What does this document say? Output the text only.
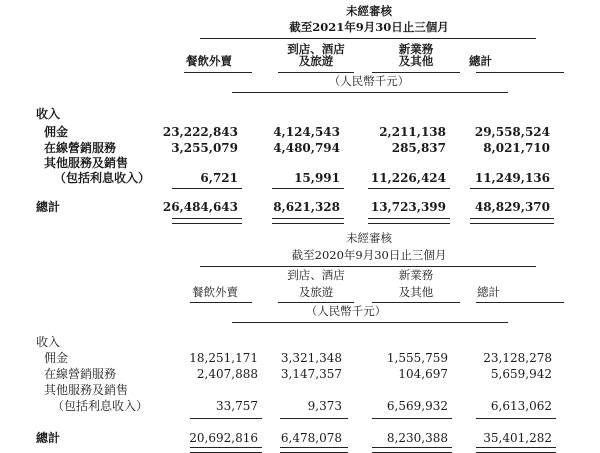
未經審核
截至2021年9月30日止三個月
到店、酒店	新業務
餐飲外賣	及旅遊	及其他	總計
（人民幣千元）
收入
佣金	23,222,843	4,124,543	2,211,138 29,558,524
在線營銷服務	3,255,079	4,480,794	285,837	8,021,710
其他服務及銷售
（包括利息收入）	6,721	15,991	11,226,424 11,249,136
總計	26,484,643	8,621,328	13,723,399 48,829,370
未經審核
截至2020年9月30日止三個月
到店、酒店	新業務
餐飲外賣	及旅遊	及其他	總計
（人民幣千元）
收入
佣金	18,251,171 3,321,348	1,555,759	23,128,278
在線營銷服務	2,407,888 3,147,357	104,697	5,659,942
其他服務及銷售
（包括利息收入）	33,757	9,373	6,569,932	6,613,062
總計	20,692,816 6,478,078	8,230,388	35,401,282
